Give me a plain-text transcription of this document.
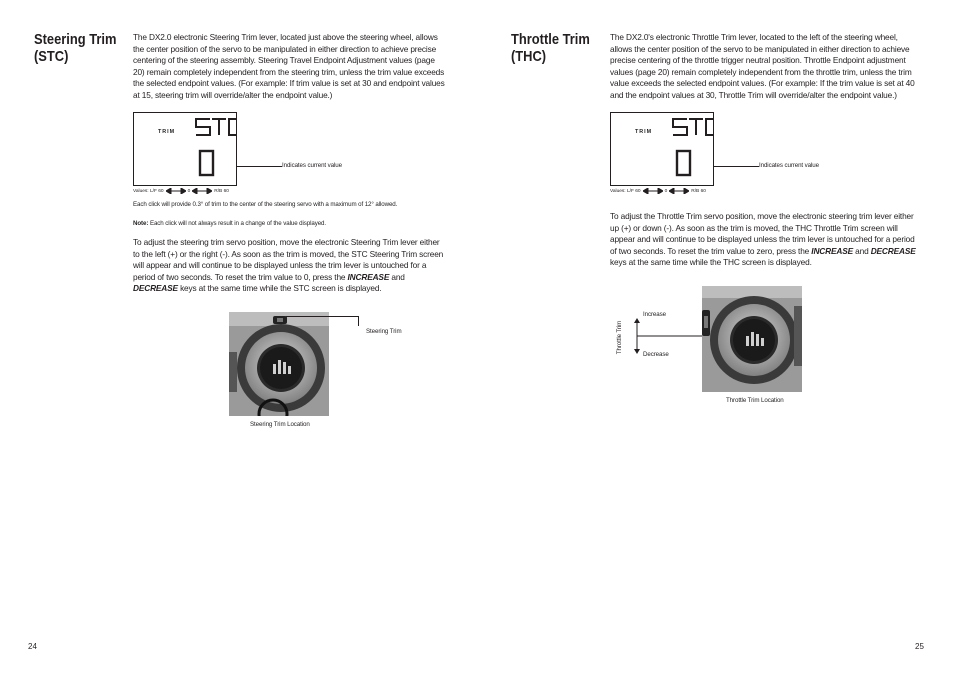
Steering Trim
(STC)

The DX2.0 electronic Steering Trim lever, located just above the steering wheel, allows the center position of the servo to be manipulated in either direction to achieve precise centering of the steering assembly. Steering Travel Endpoint Adjustment values (page 20) remain completely independent from the steering trim, unless the trim value exceeds the selected endpoint values. (For example: If trim value is set at 30 and endpoint values at 15, steering trim will override/alter the endpoint value.)

TRIM
Indicates current value
Values: L/F 60	0	R/B 60

Each click will provide 0.3° of trim to the center of the steering servo with a maximum of 12° allowed.

Note: Each click will not always result in a change of the value displayed.

To adjust the steering trim servo position, move the electronic Steering Trim lever either to the left (+) or the right (-). As soon as the trim is moved, the STC Steering Trim screen will appear and will continue to be displayed unless the trim lever is untouched for a period of two seconds. To reset the trim value to 0, press the INCREASE and DECREASE keys at the same time while the STC screen is displayed.

Steering Trim
Steering Trim Location
24
Throttle Trim
(THC)

The DX2.0's electronic Throttle Trim lever, located to the left of the steering wheel, allows the center position of the servo to be manipulated in either direction to achieve precise centering of the throttle trigger neutral position. Throttle Endpoint adjustment values (page 20) remain completely independent from the throttle trim, unless the trim value exceeds the selected endpoint values. (For example: If the trim value is set at 40 and the endpoint values at 30, Throttle Trim will override/alter the endpoint value.)

TRIM
Indicates current value
Values: L/F 60	0	R/B 60

To adjust the Throttle Trim servo position, move the electronic steering trim lever either up (+) or down (-). As soon as the trim is moved, the THC Throttle Trim screen will appear and will continue to be displayed unless the trim lever is untouched for a period of two seconds. To reset the trim value to zero, press the INCREASE and DECREASE keys at the same time while the THC screen is displayed.

Increase
Decrease
Throttle Trim
Throttle Trim Location
25
